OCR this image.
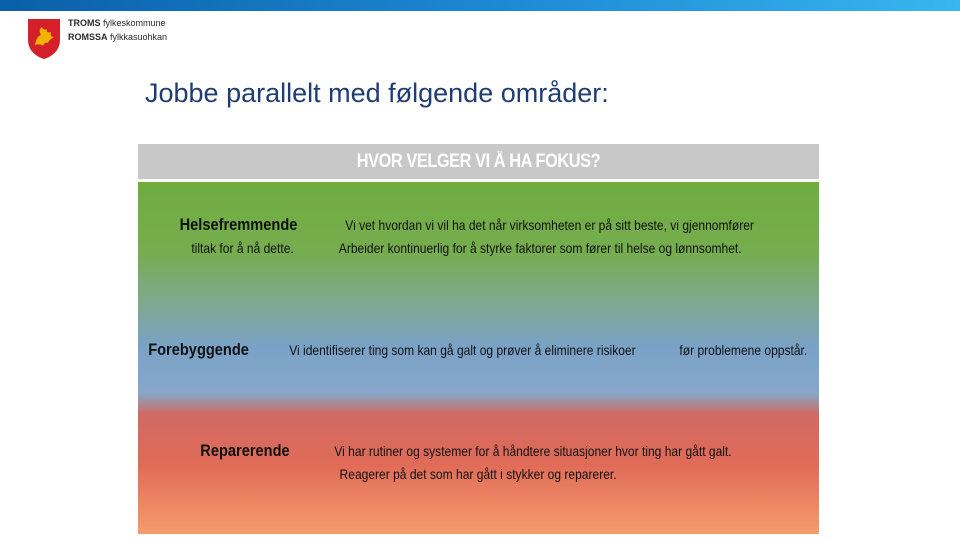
TROMS fylkeskommune
ROMSSA fylkkasuohkan
Jobbe parallelt med følgende områder:
HVOR VELGER VI Å HA FOKUS?
Helsefremmende	Vi vet hvordan vi vil ha det når virksomheten er på sitt beste, vi gjennomfører tiltak for å nå dette.	Arbeider kontinuerlig for å styrke faktorer som fører til helse og lønnsomhet.
Forebyggende	Vi identifiserer ting som kan gå galt og prøver å eliminere risikoer	før problemene oppstår.
Reparerende	Vi har rutiner og systemer for å håndtere situasjoner hvor ting har gått galt. Reagerer på det som har gått i stykker og reparerer.
